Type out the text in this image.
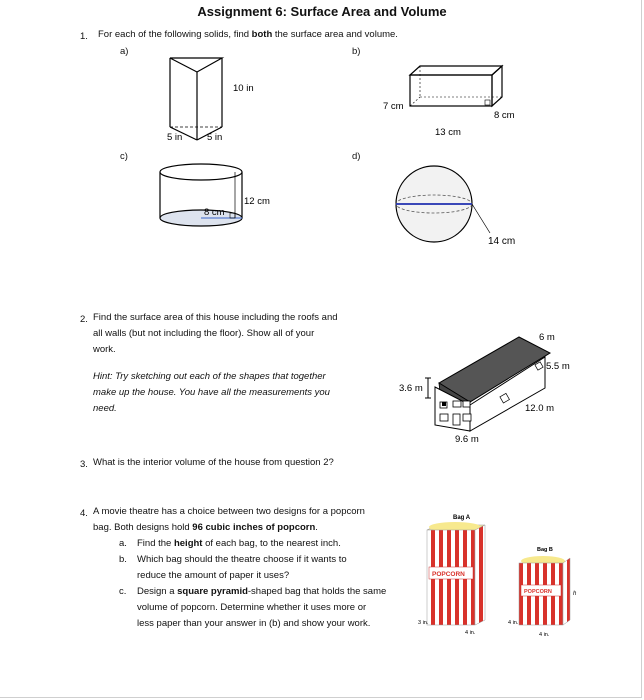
Assignment 6: Surface Area and Volume
1. For each of the following solids, find both the surface area and volume.
a)	b)
c)	d)
10 in
5 in	5 in
7 cm
8 cm
13 cm
12 cm
8 cm
14 cm
2. Find the surface area of this house including the roofs and
all walls (but not including the floor). Show all of your
work.
Hint: Try sketching out each of the shapes that together
make up the house. You have all the measurements you
need.
3.6 m
6 m
5.5 m
12.0 m
9.6 m
3. What is the interior volume of the house from question 2?
4. A movie theatre has a choice between two designs for a popcorn
bag. Both designs hold 96 cubic inches of popcorn.
a. Find the height of each bag, to the nearest inch.
b. Which bag should the theatre choose if it wants to
reduce the amount of paper it uses?
c. Design a square pyramid-shaped bag that holds the same
volume of popcorn. Determine whether it uses more or
less paper than your answer in (b) and show your work.
Bag A
POPCORN
3 in.
4 in.
Bag B
POPCORN	h
4 in.
4 in.
